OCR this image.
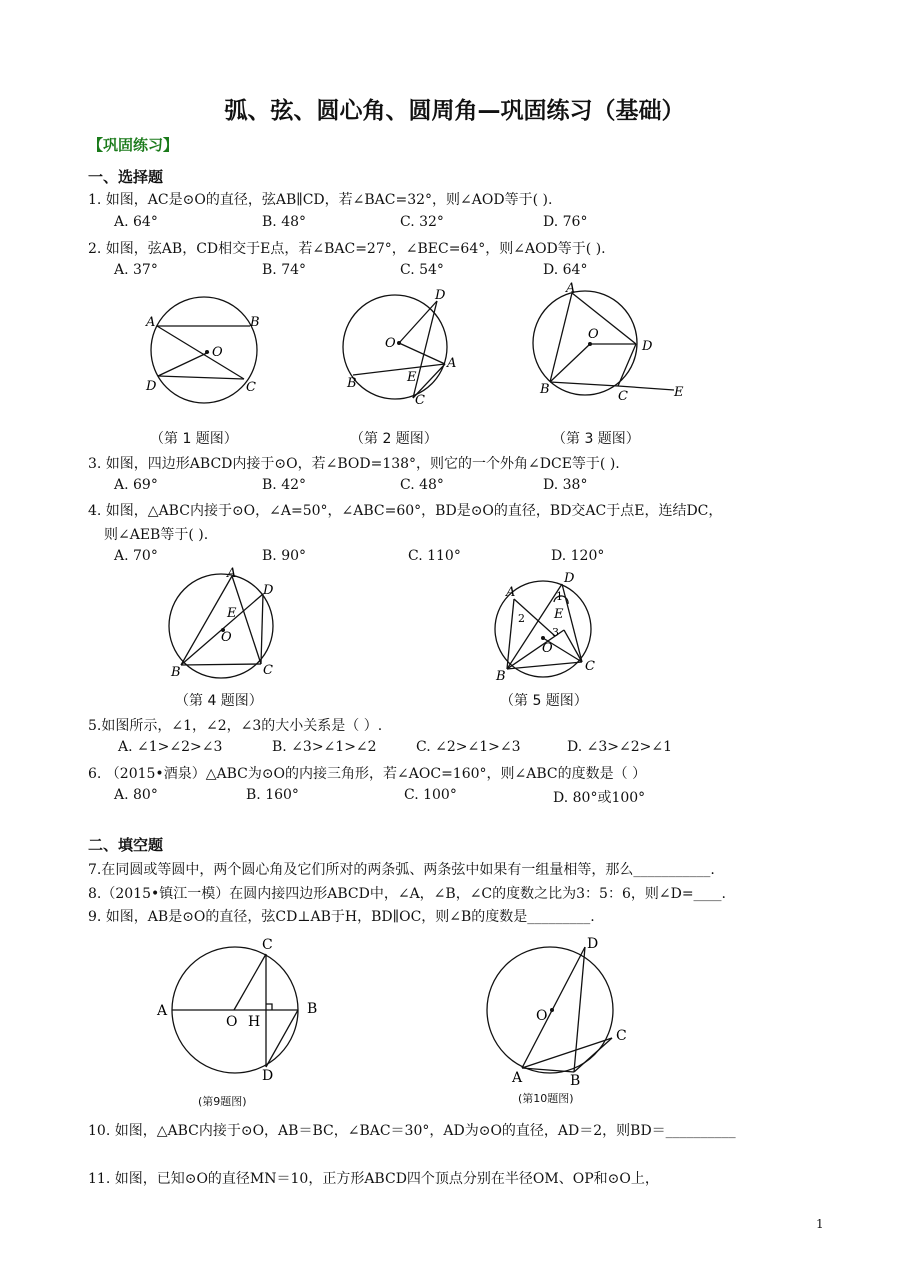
弧、弦、圆心角、圆周角—巩固练习（基础）
【巩固练习】
一、选择题
1. 如图，AC是⊙O的直径，弦AB∥CD，若∠BAC=32°，则∠AOD等于( ).
A. 64°	B. 48°	C. 32°	D. 76°
2. 如图，弦AB，CD相交于E点，若∠BAC=27°，∠BEC=64°，则∠AOD等于( ).
A. 37°	B. 74°	C. 54°	D. 64°
A	B
C
D
O
（第 1 题图）
D
O
A
E
B
C
（第 2 题图）
A
O
D
B	C	E
（第 3 题图）
3. 如图，四边形ABCD内接于⊙O，若∠BOD=138°，则它的一个外角∠DCE等于( ).
A. 69°	B. 42°	C. 48°	D. 38°
4. 如图，△ABC内接于⊙O，∠A=50°，∠ABC=60°，BD是⊙O的直径，BD交AC于点E，连结DC，
则∠AEB等于( ).
A. 70°	B. 90°	C. 110°	D. 120°
A
D
E
O
B	C
（第 4 题图）
D
A	1
2 E
3
O
B
C
（第 5 题图）
5.如图所示，∠1，∠2，∠3的大小关系是（ ）.
A. ∠1>∠2>∠3	B. ∠3>∠1>∠2	C. ∠2>∠1>∠3	D. ∠3>∠2>∠1
6. （2015•酒泉）△ABC为⊙O的内接三角形，若∠AOC=160°，则∠ABC的度数是（ ）
A. 80°	B. 160°	C. 100°	D. 80°或100°
二、填空题
7.在同圆或等圆中，两个圆心角及它们所对的两条弧、两条弦中如果有一组量相等，那么___________.
8.（2015•镇江一模）在圆内接四边形ABCD中，∠A，∠B，∠C的度数之比为3：5：6，则∠D=____.
9. 如图，AB是⊙O的直径，弦CD⊥AB于H，BD∥OC，则∠B的度数是_________.
C
A
O H
B
D
(第9题图)
D
O
C
A	B
(第10题图)
10. 如图，△ABC内接于⊙O，AB＝BC，∠BAC＝30°，AD为⊙O的直径，AD＝2，则BD＝__________
11. 如图，已知⊙O的直径MN＝10，正方形ABCD四个顶点分别在半径OM、OP和⊙O上，
1
